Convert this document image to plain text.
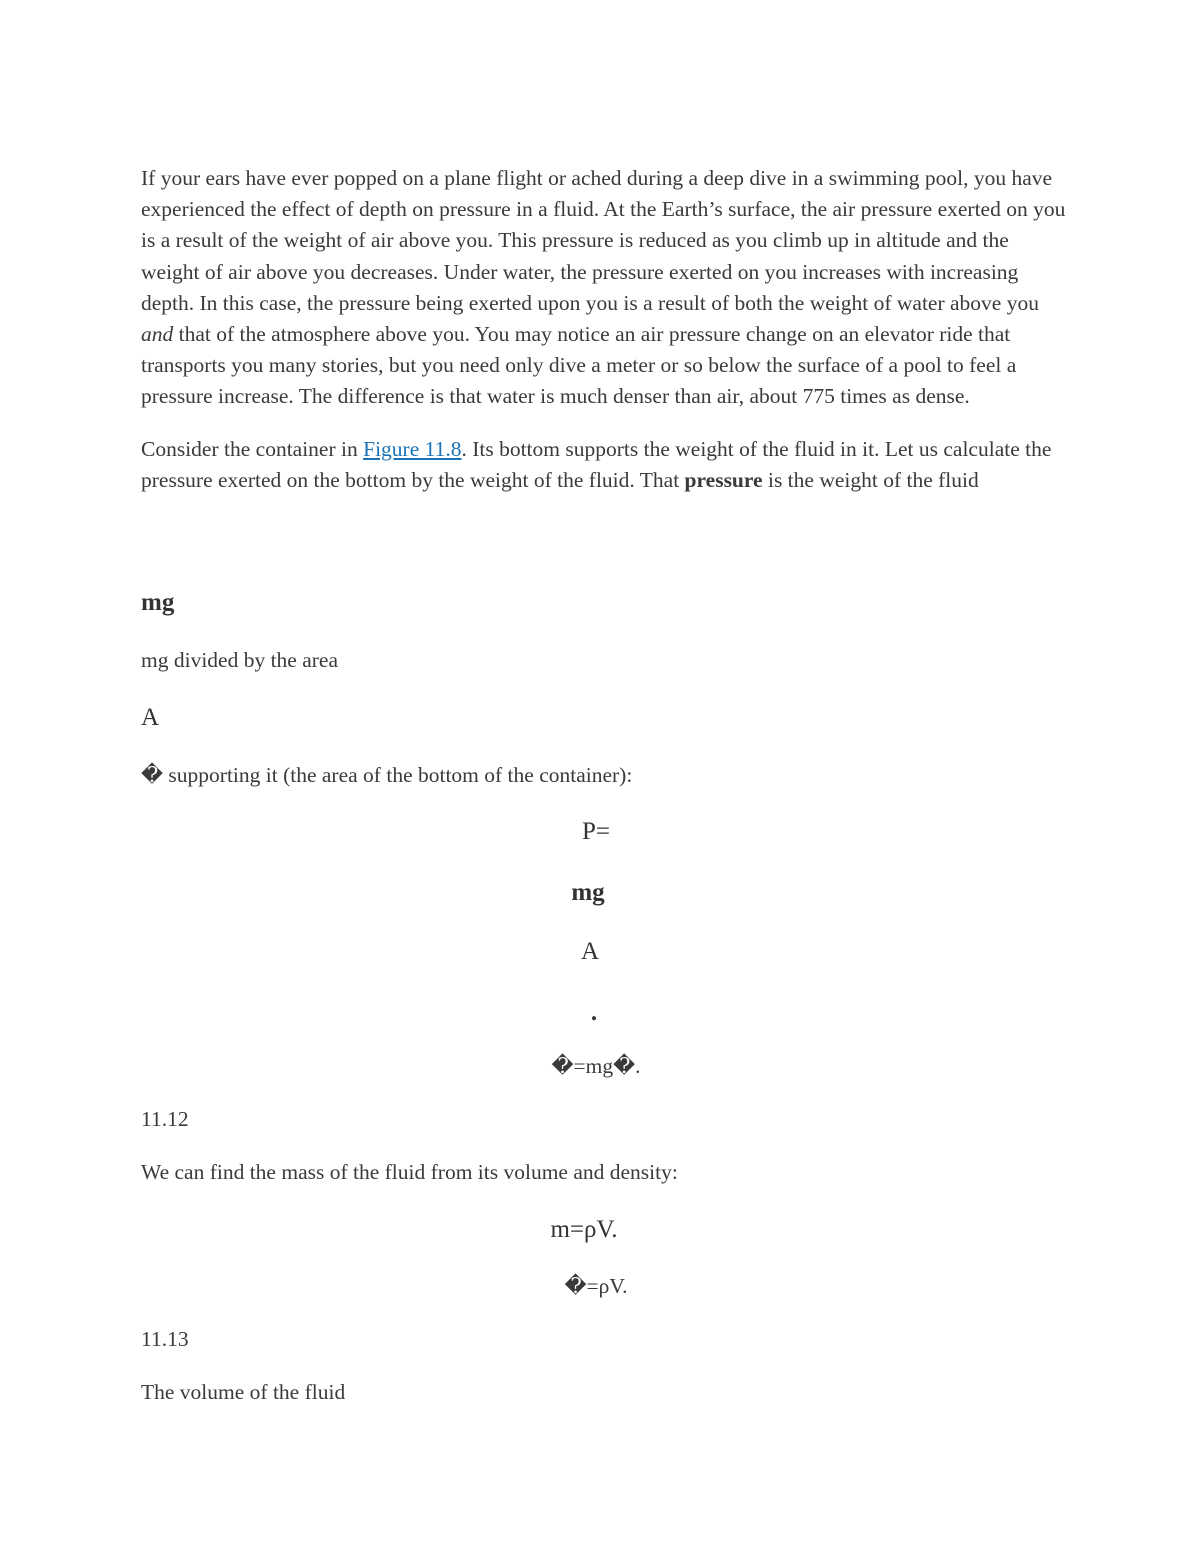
If your ears have ever popped on a plane flight or ached during a deep dive in a swimming pool, you have experienced the effect of depth on pressure in a fluid. At the Earth’s surface, the air pressure exerted on you is a result of the weight of air above you. This pressure is reduced as you climb up in altitude and the weight of air above you decreases. Under water, the pressure exerted on you increases with increasing depth. In this case, the pressure being exerted upon you is a result of both the weight of water above you and that of the atmosphere above you. You may notice an air pressure change on an elevator ride that transports you many stories, but you need only dive a meter or so below the surface of a pool to feel a pressure increase. The difference is that water is much denser than air, about 775 times as dense.

Consider the container in Figure 11.8. Its bottom supports the weight of the fluid in it. Let us calculate the pressure exerted on the bottom by the weight of the fluid. That pressure is the weight of the fluid

mg

mg divided by the area

A

� supporting it (the area of the bottom of the container):

P=
mg
A
.
�=mg�.

11.12

We can find the mass of the fluid from its volume and density:

m=ρV.
�=ρV.

11.13

The volume of the fluid
